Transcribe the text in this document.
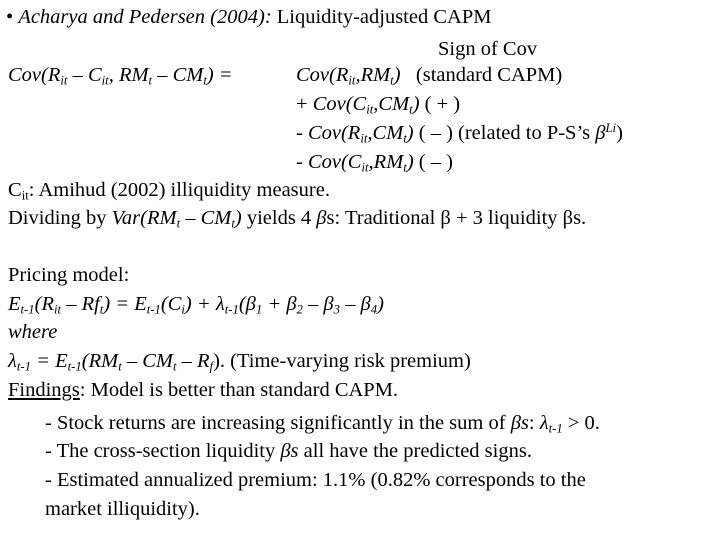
• Acharya and Pedersen (2004): Liquidity-adjusted CAPM
Sign of Cov
$Cov(R_{it} - C_{it}$, $RM_t - CM_t$) =	$Cov(R_{it},RM_t)$ (standard CAPM)
+ $Cov(C_{it},CM_t)$ ( + )
- $Cov(R_{it},CM_t)$ ( – ) (related to P-S’s $\beta^{Li}$)
- $Cov(C_{it},RM_t)$ ( – )
$C_{it}$: Amihud (2002) illiquidity measure.
Dividing by $Var(RM_t - CM_t)$ yields 4 βs: Traditional β + 3 liquidity βs.
Pricing model:
$E_{t-1}(R_{it} - Rf_t) = E_{t-1}(C_i) + \lambda_{t-1}(\beta_1 + \beta_2 - \beta_3 - \beta_4)$
where
$\lambda_{t-1} = E_{t-1}(RM_t - CM_t - R_f)$. (Time-varying risk premium)
Findings: Model is better than standard CAPM.
- Stock returns are increasing significantly in the sum of βs: $\lambda_{t-1} > 0$.
- The cross-section liquidity βs all have the predicted signs.
- Estimated annualized premium: 1.1% (0.82% corresponds to the
market illiquidity).
